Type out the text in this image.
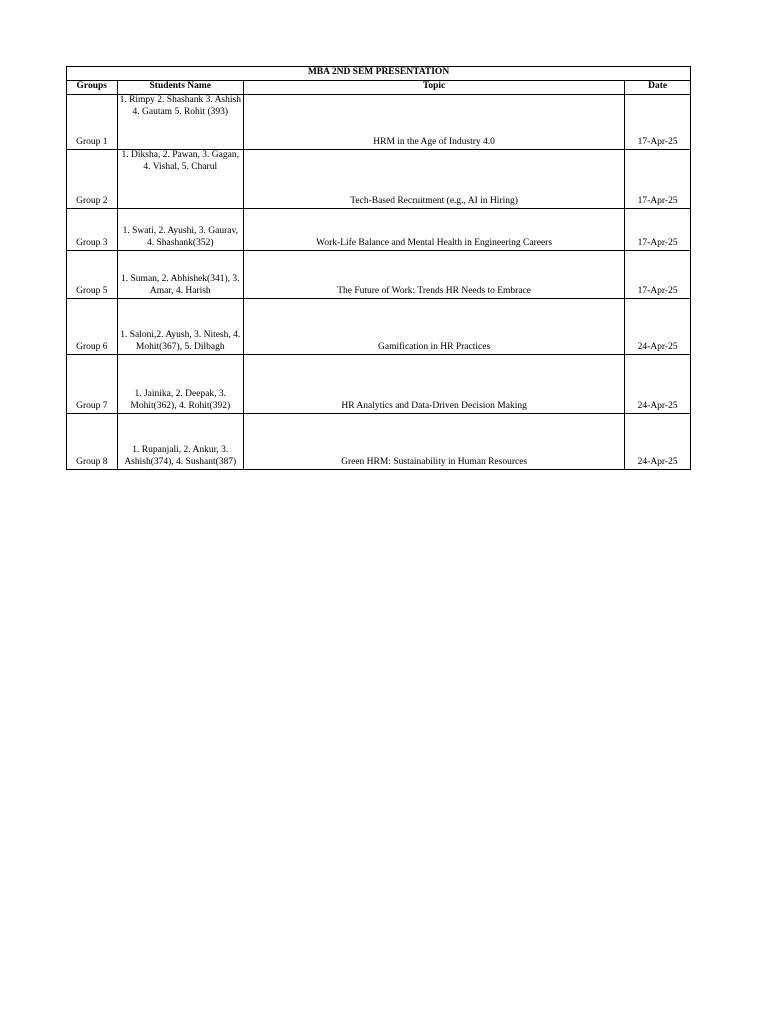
MBA 2ND SEM PRESENTATION			
Groups	Students Name	Topic	Date
Group 1	1. Rimpy 2. Shashank 3. Ashish 4. Gautam 5. Rohit (393)	HRM in the Age of Industry 4.0	17-Apr-25
Group 2	1. Diksha, 2. Pawan, 3. Gagan, 4. Vishal, 5. Charul	Tech-Based Recruitment (e.g., AI in Hiring)	17-Apr-25
Group 3	1. Swati, 2. Ayushi, 3. Gaurav, 4. Shashank(352)	Work-Life Balance and Mental Health in Engineering Careers	17-Apr-25
Group 5	1. Suman, 2. Abhishek(341), 3. Amar, 4. Harish	The Future of Work: Trends HR Needs to Embrace	17-Apr-25
Group 6	1. Saloni,2. Ayush, 3. Nitesh, 4. Mohit(367), 5. Dilbagh	Gamification in HR Practices	24-Apr-25
Group 7	1. Jainika, 2. Deepak, 3. Mohit(362), 4. Rohit(392)	HR Analytics and Data-Driven Decision Making	24-Apr-25
Group 8	1. Rupanjali, 2. Ankur, 3. Ashish(374), 4. Sushant(387)	Green HRM: Sustainability in Human Resources	24-Apr-25
